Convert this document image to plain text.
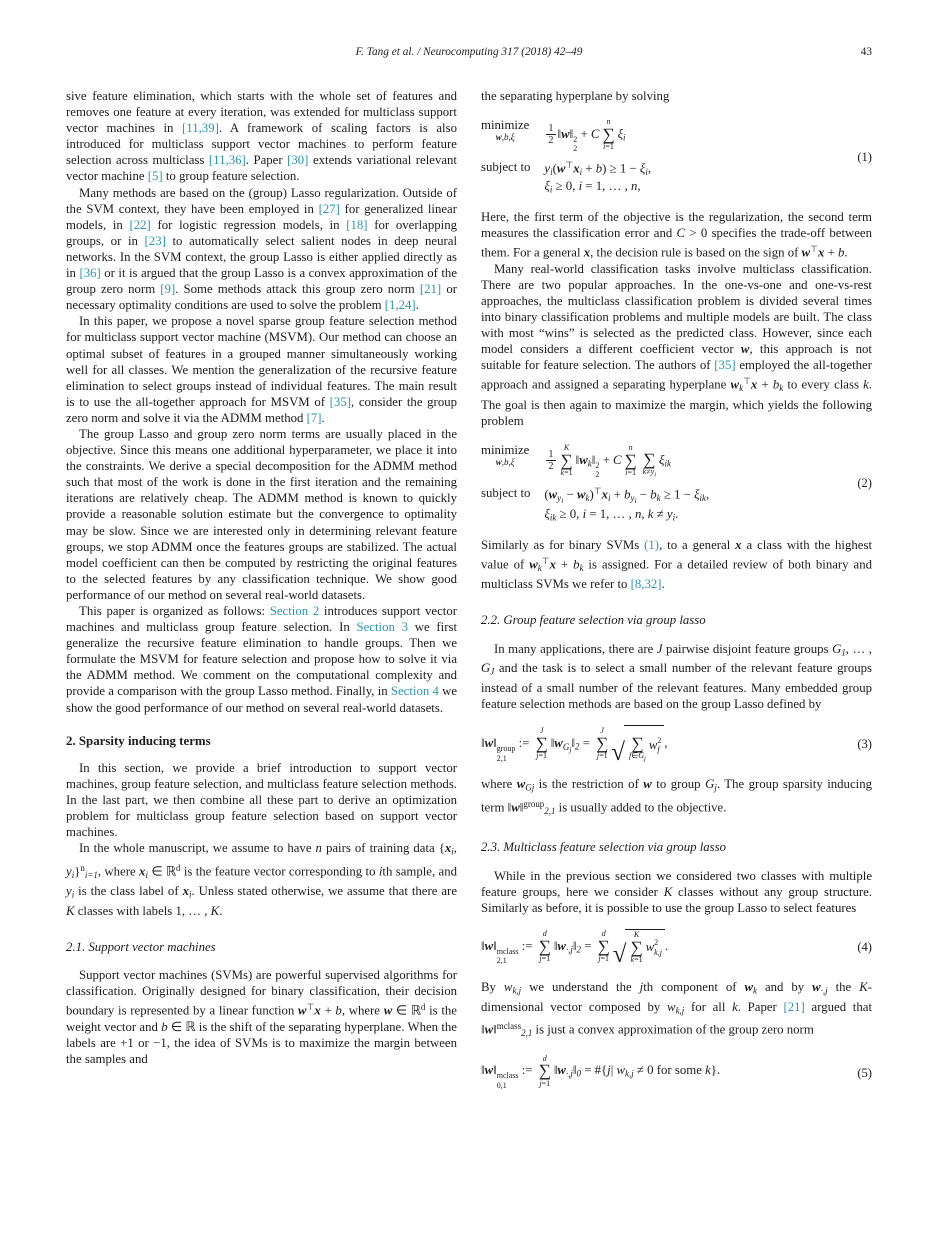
F. Tang et al. / Neurocomputing 317 (2018) 42–49	43

sive feature elimination, which starts with the whole set of features and removes one feature at every iteration, was extended for multiclass support vector machines in [11,39]. A framework of scaling factors is also introduced for multiclass support vector machines to perform feature selection across multiclass [11,36]. Paper [30] extends variational relevant vector machine [5] to group feature selection.

Many methods are based on the (group) Lasso regularization. Outside of the SVM context, they have been employed in [27] for generalized linear models, in [22] for logistic regression models, in [18] for overlapping groups, or in [23] to automatically select salient nodes in deep neural networks. In the SVM context, the group Lasso is either applied directly as in [36] or it is argued that the group Lasso is a convex approximation of the group zero norm [9]. Some methods attack this group zero norm [21] or necessary optimality conditions are used to solve the problem [1,24].

In this paper, we propose a novel sparse group feature selection method for multiclass support vector machine (MSVM). Our method can choose an optimal subset of features in a grouped manner simultaneously working well for all classes. We mention the generalization of the recursive feature elimination to select groups instead of individual features. The main result is to use the all-together approach for MSVM of [35], consider the group zero norm and solve it via the ADMM method [7].

The group Lasso and group zero norm terms are usually placed in the objective. Since this means one additional hyperparameter, we place it into the constraints. We derive a special decomposition for the ADMM method such that most of the work is done in the first iteration and the remaining iterations are relatively cheap. The ADMM method is known to quickly provide a reasonable solution estimate but the convergence to optimality may be slow. Since we are interested only in determining relevant feature groups, we stop ADMM once the features groups are stabilized. The actual model coefficient can then be computed by restricting the original features to the selected features by any classification technique. We show good performance of our method on several real-world datasets.

This paper is organized as follows: Section 2 introduces support vector machines and multiclass group feature selection. In Section 3 we first generalize the recursive feature elimination to handle groups. Then we formulate the MSVM for feature selection and propose how to solve it via the ADMM method. We comment on the computational complexity and provide a comparison with the group Lasso method. Finally, in Section 4 we show the good performance of our method on several real-world datasets.

2. Sparsity inducing terms

In this section, we provide a brief introduction to support vector machines, group feature selection, and multiclass feature selection methods. In the last part, we then combine all these part to derive an optimization problem for multiclass group feature selection based on support vector machines.

In the whole manuscript, we assume to have n pairs of training data {$x_i$, $y_i\}^n_{i=1}$, where $x_i$ ∈ ℝ$^d$ is the feature vector corresponding to ith sample, and $y_i$ is the class label of $x_i$. Unless stated otherwise, we assume that there are K classes with labels 1, … , K.

2.1. Support vector machines

Support vector machines (SVMs) are powerful supervised algorithms for classification. Originally designed for binary classification, their decision boundary is represented by a linear function w⊤x + b, where w ∈ ℝ$^d$ is the weight vector and b ∈ ℝ is the shift of the separating hyperplane. When the labels are +1 or −1, the idea of SVMs is to maximize the margin between the samples and

the separating hyperplane by solving

minimize
w,b,ξ	$\frac{1}{2}$ ‖w‖ 2
2
+ C
n
∑
i=1
$\xi_i$
subject to $y_i(w^⊤x_i + b) \ge 1 - \xi_i$,
$\xi_i \ge 0$, i = 1, … , n,
(1)

Here, the first term of the objective is the regularization, the second term measures the classification error and C > 0 specifies the trade-off between them. For a general x, the decision rule is based on the sign of w⊤x + b.

Many real-world classification tasks involve multiclass classification. There are two popular approaches. In the one-vs-one and one-vs-rest approaches, the multiclass classification problem is divided several times into binary classification problems and multiple models are built. The class with most “wins” is selected as the predicted class. However, since each model considers a different coefficient vector w, this approach is not suitable for feature selection. The authors of [35] employed the all-together approach and assigned a separating hyperplane $w_k^⊤x + b_k$ to every class k. The goal is then again to maximize the margin, which yields the following problem

minimize
w,b,ξ	$\frac{1}{2}$
K
∑
k=1
$‖w_k‖$ 2
2
+ C
n
∑
i=1

∑
$k\ne y_i$
$\xi_{ik}$
subject to $(w_{y_i} - w_k)^⊤x_i + b_{y_i} - b_k \ge 1 - \xi_{ik}$,
$\xi_{ik} \ge 0$, i = 1, … , n, $k \ne y_i$.
(2)

Similarly as for binary SVMs (1), to a general x a class with the highest value of $w_k^⊤x + b_k$ is assigned. For a detailed review of both binary and multiclass SVMs we refer to [8,32].

2.2. Group feature selection via group lasso

In many applications, there are J pairwise disjoint feature groups $G_1$, … , $G_J$ and the task is to select a small number of the relevant feature groups instead of a small number of the relevant features. Many embedded group feature selection methods are based on the group Lasso defined by

‖w‖ group
2,1
:=
J
∑
j=1
$‖w_{G_j}‖_2$ =
J
∑
j=1 √
∑
$f\in G_j$
w 2
f ,	(3)

where $w_{Gj}$ is the restriction of w to group $G_j$. The group sparsity inducing term ‖w‖$^{group}_{2,1}$ is usually added to the objective.

2.3. Multiclass feature selection via group lasso

While in the previous section we considered two classes with multiple feature groups, here we consider K classes without any group structure. Similarly as before, it is possible to use the group Lasso to select features

‖w‖ mclass
2,1
:=
d
∑
j=1
$‖w_{\cdot,j}‖_2$ =
d
∑
j=1 √
K
∑
k=1
w 2
k,j .	(4)

By $w_{k,j}$ we understand the jth component of $w_k$ and by $w_{\cdot,j}$ the K-dimensional vector composed by $w_{k,j}$ for all k. Paper [21] argued that ‖w‖$^{mclass}_{2,1}$ is just a convex approximation of the group zero norm

‖w‖ mclass
0,1
:=
d
∑
j=1
$‖w_{\cdot,j}‖_0$ = #{j| $w_{k,j} \ne 0$ for some k}.	(5)
